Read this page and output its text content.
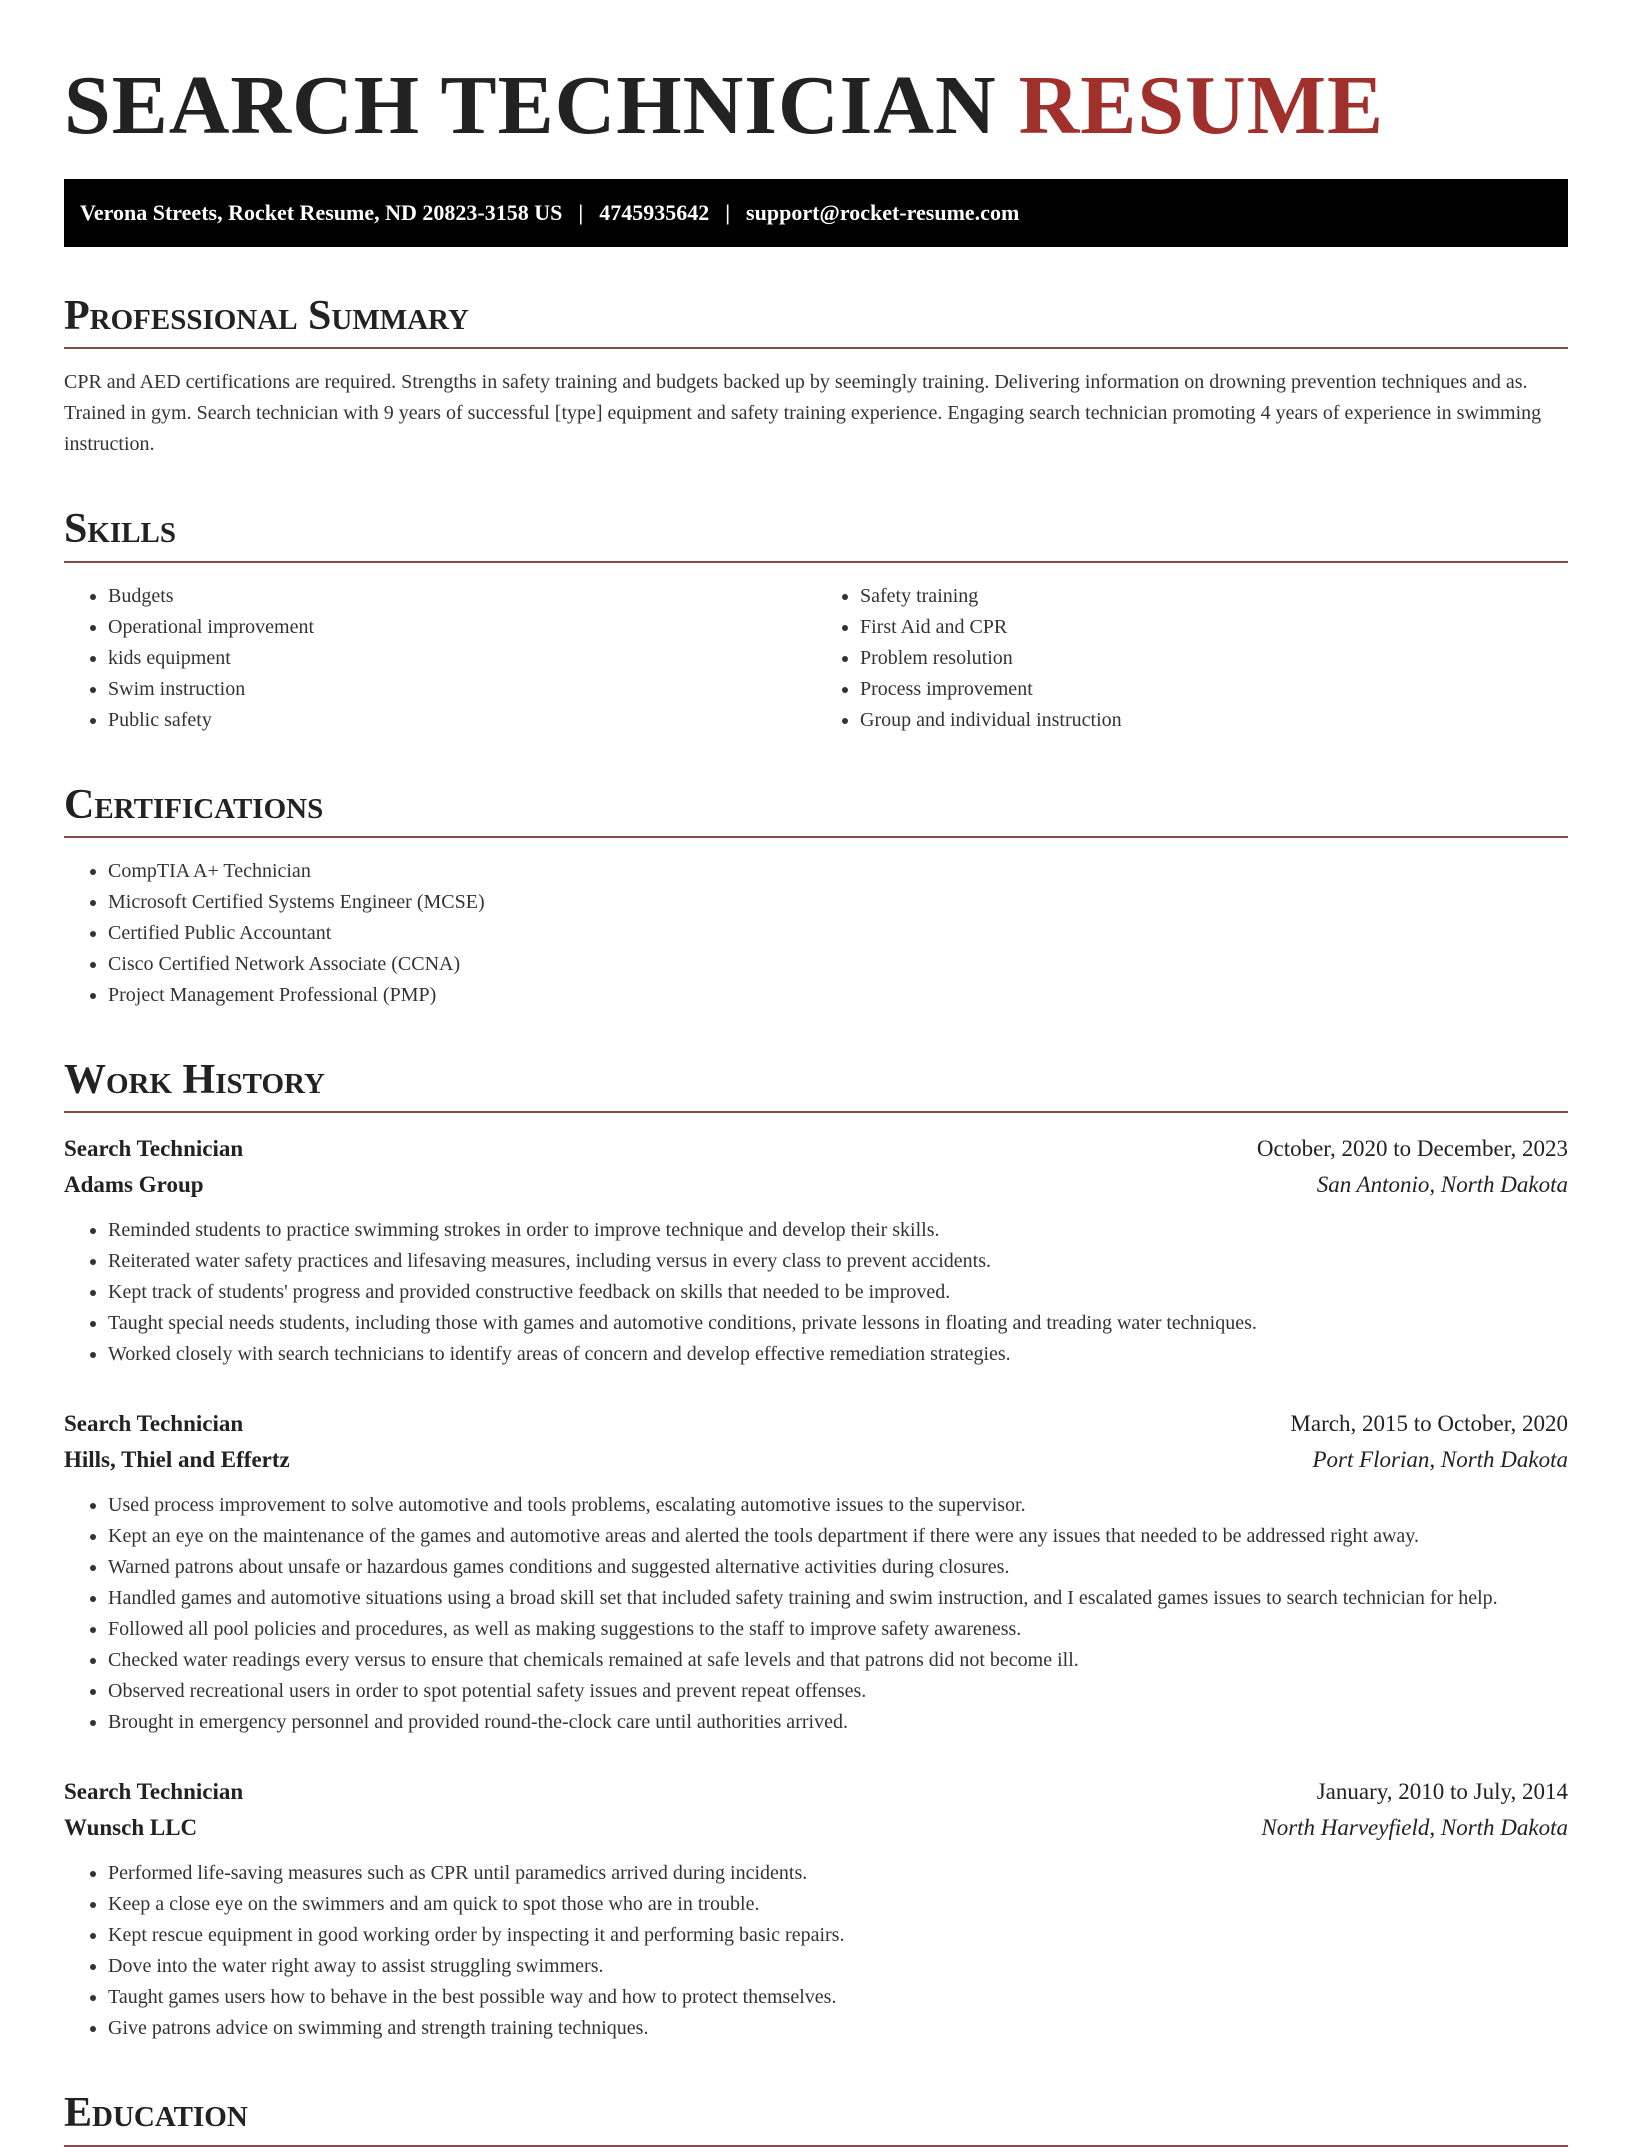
SEARCH TECHNICIAN RESUME
Verona Streets, Rocket Resume, ND 20823-3158 US | 4745935642 | support@rocket-resume.com
Professional Summary

CPR and AED certifications are required. Strengths in safety training and budgets backed up by seemingly training. Delivering information on drowning prevention techniques and as. Trained in gym. Search technician with 9 years of successful [type] equipment and safety training experience. Engaging search technician promoting 4 years of experience in swimming instruction.

Skills
• Budgets
• Operational improvement
• kids equipment
• Swim instruction
• Public safety
• Safety training
• First Aid and CPR
• Problem resolution
• Process improvement
• Group and individual instruction
Certifications
• CompTIA A+ Technician
• Microsoft Certified Systems Engineer (MCSE)
• Certified Public Accountant
• Cisco Certified Network Associate (CCNA)
• Project Management Professional (PMP)
Work History
Search Technician	October, 2020 to December, 2023
Adams Group	San Antonio, North Dakota
• Reminded students to practice swimming strokes in order to improve technique and develop their skills.
• Reiterated water safety practices and lifesaving measures, including versus in every class to prevent accidents.
• Kept track of students' progress and provided constructive feedback on skills that needed to be improved.
• Taught special needs students, including those with games and automotive conditions, private lessons in floating and treading water techniques.
• Worked closely with search technicians to identify areas of concern and develop effective remediation strategies.
Search Technician	March, 2015 to October, 2020
Hills, Thiel and Effertz	Port Florian, North Dakota
• Used process improvement to solve automotive and tools problems, escalating automotive issues to the supervisor.
• Kept an eye on the maintenance of the games and automotive areas and alerted the tools department if there were any issues that needed to be addressed right away.
• Warned patrons about unsafe or hazardous games conditions and suggested alternative activities during closures.
• Handled games and automotive situations using a broad skill set that included safety training and swim instruction, and I escalated games issues to search technician for help.
• Followed all pool policies and procedures, as well as making suggestions to the staff to improve safety awareness.
• Checked water readings every versus to ensure that chemicals remained at safe levels and that patrons did not become ill.
• Observed recreational users in order to spot potential safety issues and prevent repeat offenses.
• Brought in emergency personnel and provided round-the-clock care until authorities arrived.
Search Technician	January, 2010 to July, 2014
Wunsch LLC	North Harveyfield, North Dakota
• Performed life-saving measures such as CPR until paramedics arrived during incidents.
• Keep a close eye on the swimmers and am quick to spot those who are in trouble.
• Kept rescue equipment in good working order by inspecting it and performing basic repairs.
• Dove into the water right away to assist struggling swimmers.
• Taught games users how to behave in the best possible way and how to protect themselves.
• Give patrons advice on swimming and strength training techniques.
Education
